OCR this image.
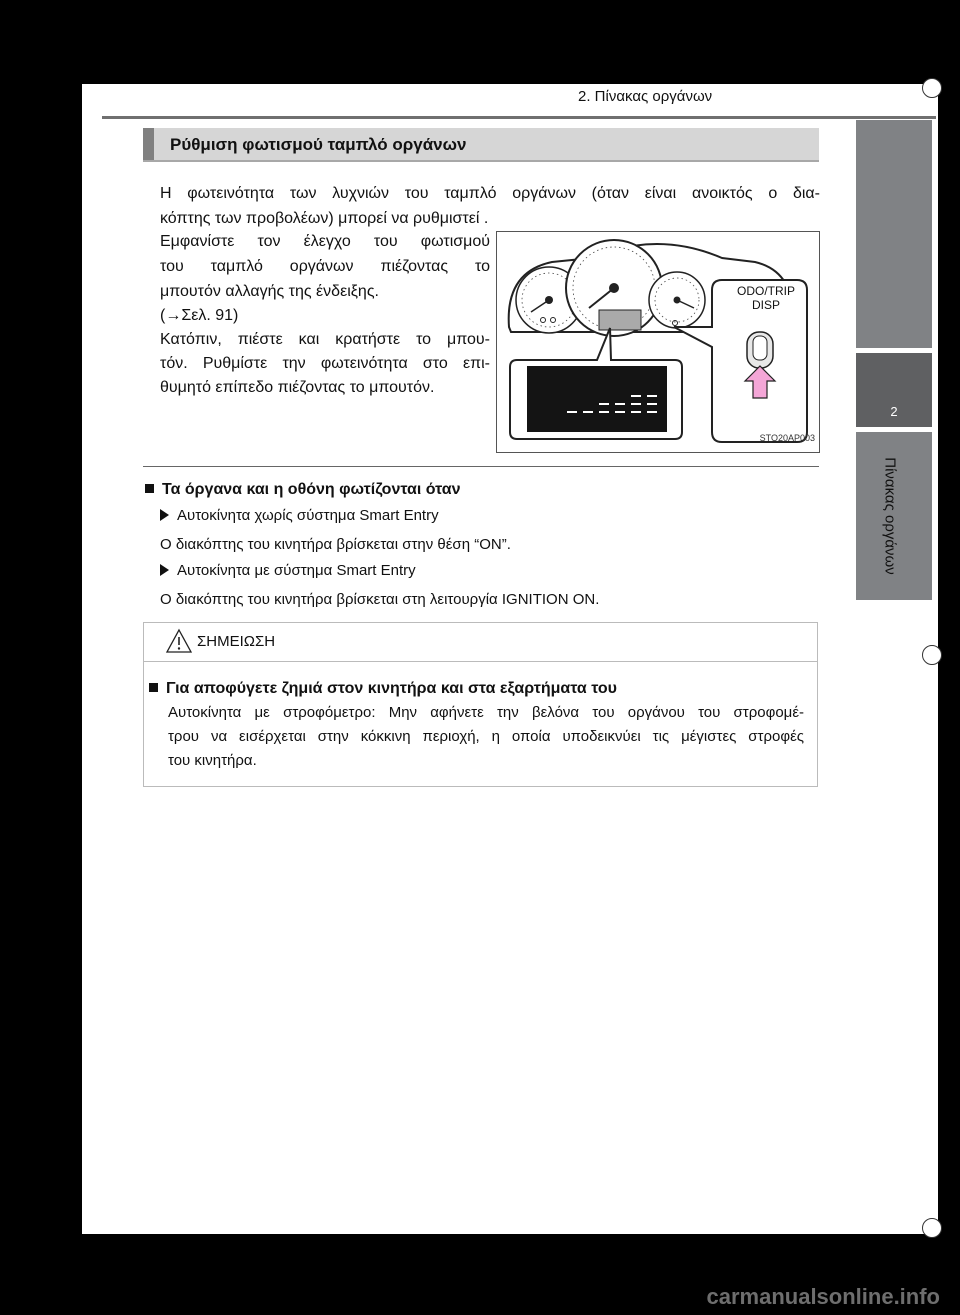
2. Πίνακας οργάνων
2
Πίνακας οργάνων
Ρύθμιση φωτισμού ταμπλό οργάνων
Η φωτεινότητα των λυχνιών του ταμπλό οργάνων (όταν είναι ανοικτός ο δια-
κόπτης των προβολέων) μπορεί να ρυθμιστεί .
Εμφανίστε τον έλεγχο του φωτισμού
του ταμπλό οργάνων πιέζοντας το
μπουτόν αλλαγής της ένδειξης.
(→Σελ. 91)
Κατόπιν, πιέστε και κρατήστε το μπου-
τόν. Ρυθμίστε την φωτεινότητα στο επι-
θυμητό επίπεδο πιέζοντας το μπουτόν.
ODO/TRIP
DISP
STO20AP003
Τα όργανα και η οθόνη φωτίζονται όταν
Αυτοκίνητα χωρίς σύστημα Smart Entry
Ο διακόπτης του κινητήρα βρίσκεται στην θέση “ON”.
Αυτοκίνητα με σύστημα Smart Entry
Ο διακόπτης του κινητήρα βρίσκεται στη λειτουργία IGNITION ON.
ΣΗΜΕΙΩΣΗ
Για αποφύγετε ζημιά στον κινητήρα και στα εξαρτήματα του
Αυτοκίνητα με στροφόμετρο: Μην αφήνετε την βελόνα του οργάνου του στροφομέ-
τρου να εισέρχεται στην κόκκινη περιοχή, η οποία υποδεικνύει τις μέγιστες στροφές
του κινητήρα.
carmanualsonline.info
